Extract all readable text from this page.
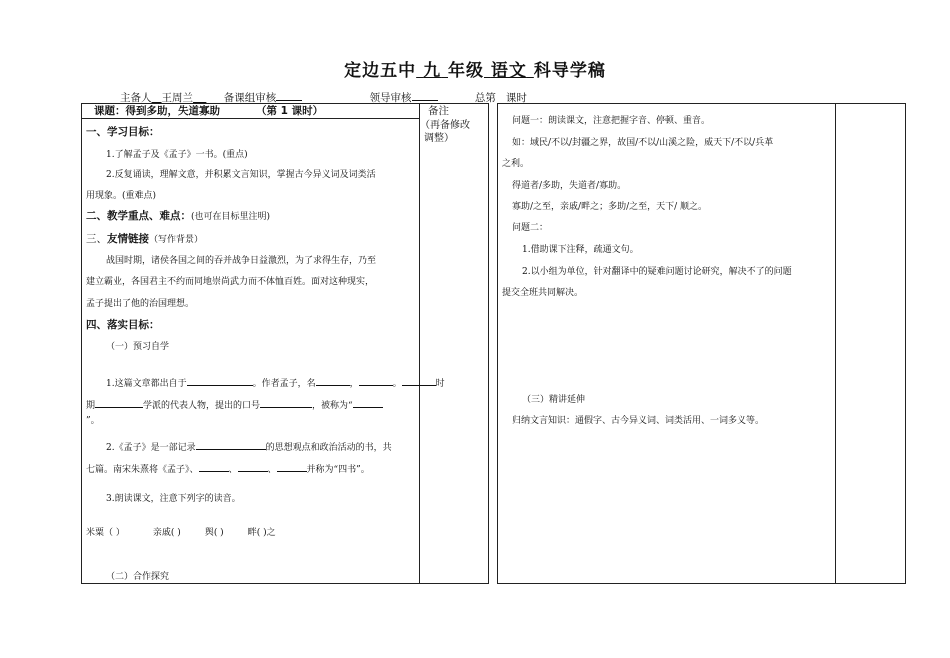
定边五中 九 年级 语文 科导学稿
主备人 王周兰	备课组审核	领导审核	总第 课时
课题：得到多助，失道寡助	（第 1 课时）	备注
（再备修改
调整）
一、学习目标：
1.了解孟子及《孟子》一书。(重点)
2.反复诵读，理解文意，并积累文言知识，掌握古今异义词及词类活
用现象。(重难点)
二、教学重点、难点：(也可在目标里注明)
三、友情链接（写作背景）
战国时期，诸侯各国之间的吞并战争日益激烈，为了求得生存，乃至
建立霸业，各国君主不约而同地崇尚武力而不体恤百姓。面对这种现实，
孟子提出了他的治国理想。
四、落实目标：
（一）预习自学
1.这篇文章都出自于	。作者孟子，名	，	。	时
期	学派的代表人物，提出的口号	，被称为“
”。
2.《孟子》是一部记录	的思想观点和政治活动的书，共
七篇。南宋朱熹将《孟子》、	、	、	并称为“四书”。
3.朗读课文，注意下列字的读音。
米粟（ ）	亲戚( )	舆( )	畔( )之
（二）合作探究
问题一：朗读课文，注意把握字音、停顿、重音。
如：域民/不以/封疆之界，故国/不以/山溪之险，威天下/不以/兵革
之利。
得道者/多助，失道者/寡助。
寡助/之至，亲戚/畔之；多助/之至，天下/ 顺之。
问题二：
1.借助课下注释，疏通文句。
2.以小组为单位，针对翻译中的疑难问题讨论研究，解决不了的问题
提交全班共同解决。
（三）精讲延伸
归纳文言知识：通假字、古今异义词、词类活用、一词多义等。
